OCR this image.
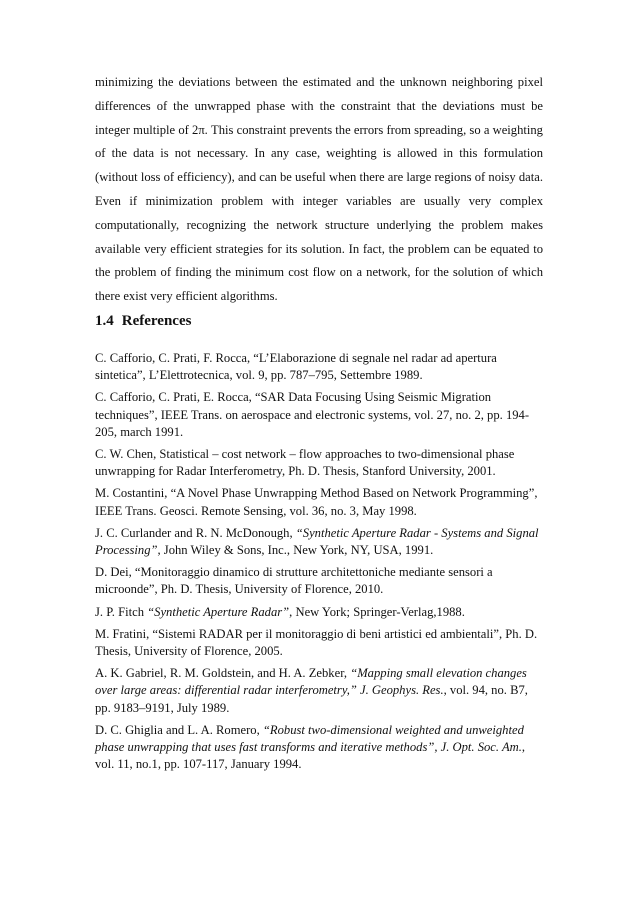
minimizing the deviations between the estimated and the unknown neighboring pixel differences of the unwrapped phase with the constraint that the deviations must be integer multiple of 2π. This constraint prevents the errors from spreading, so a weighting of the data is not necessary. In any case, weighting is allowed in this formulation (without loss of efficiency), and can be useful when there are large regions of noisy data. Even if minimization problem with integer variables are usually very complex computationally, recognizing the network structure underlying the problem makes available very efficient strategies for its solution. In fact, the problem can be equated to the problem of finding the minimum cost flow on a network, for the solution of which there exist very efficient algorithms.

1.4 References
C. Cafforio, C. Prati, F. Rocca, “L’Elaborazione di segnale nel radar ad apertura sintetica”, L’Elettrotecnica, vol. 9, pp. 787–795, Settembre 1989.
C. Cafforio, C. Prati, E. Rocca, “SAR Data Focusing Using Seismic Migration techniques”, IEEE Trans. on aerospace and electronic systems, vol. 27, no. 2, pp. 194-205, march 1991.
C. W. Chen, Statistical – cost network – flow approaches to two-dimensional phase unwrapping for Radar Interferometry, Ph. D. Thesis, Stanford University, 2001.
M. Costantini, “A Novel Phase Unwrapping Method Based on Network Programming”, IEEE Trans. Geosci. Remote Sensing, vol. 36, no. 3, May 1998.
J. C. Curlander and R. N. McDonough, “Synthetic Aperture Radar - Systems and Signal Processing”, John Wiley & Sons, Inc., New York, NY, USA, 1991.
D. Dei, “Monitoraggio dinamico di strutture architettoniche mediante sensori a microonde”, Ph. D. Thesis, University of Florence, 2010.
J. P. Fitch “Synthetic Aperture Radar”, New York; Springer-Verlag,1988.
M. Fratini, “Sistemi RADAR per il monitoraggio di beni artistici ed ambientali”, Ph. D. Thesis, University of Florence, 2005.
A. K. Gabriel, R. M. Goldstein, and H. A. Zebker, “Mapping small elevation changes over large areas: differential radar interferometry,” J. Geophys. Res., vol. 94, no. B7, pp. 9183–9191, July 1989.
D. C. Ghiglia and L. A. Romero, “Robust two-dimensional weighted and unweighted phase unwrapping that uses fast transforms and iterative methods”, J. Opt. Soc. Am., vol. 11, no.1, pp. 107-117, January 1994.
